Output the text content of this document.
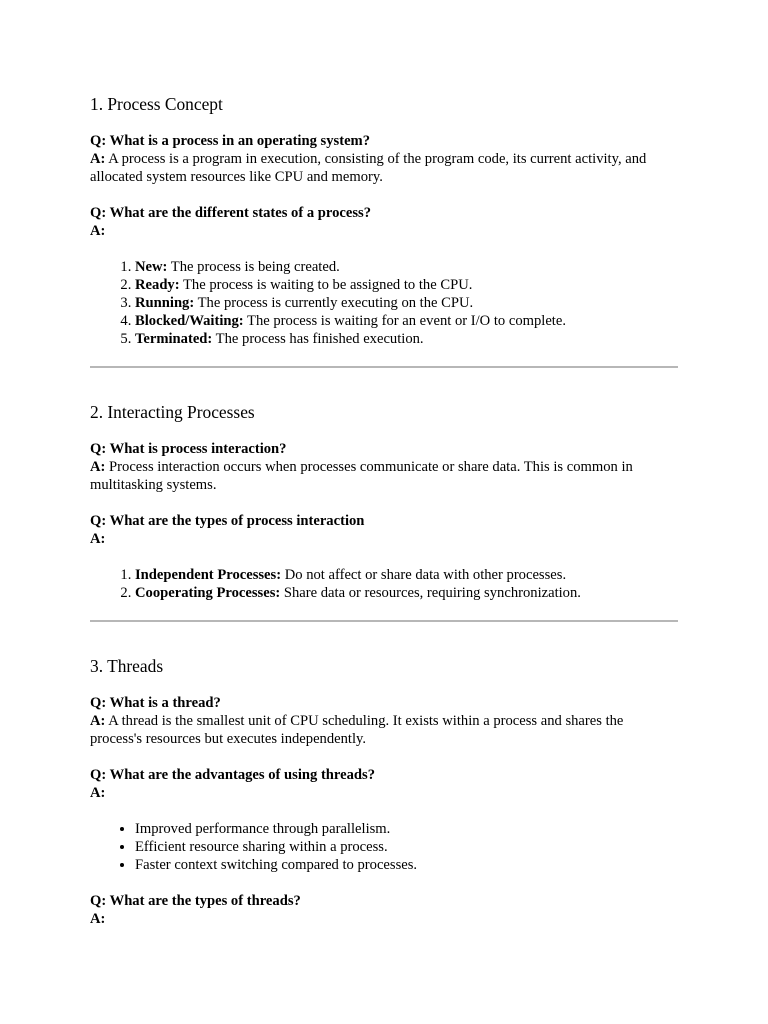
1. Process Concept

Q: What is a process in an operating system?

A: A process is a program in execution, consisting of the program code, its current activity, and allocated system resources like CPU and memory.

Q: What are the different states of a process?

A:

1. New: The process is being created.
2. Ready: The process is waiting to be assigned to the CPU.
3. Running: The process is currently executing on the CPU.
4. Blocked/Waiting: The process is waiting for an event or I/O to complete.
5. Terminated: The process has finished execution.
2. Interacting Processes

Q: What is process interaction?

A: Process interaction occurs when processes communicate or share data. This is common in multitasking systems.

Q: What are the types of process interaction

A:

1. Independent Processes: Do not affect or share data with other processes.
2. Cooperating Processes: Share data or resources, requiring synchronization.
3. Threads

Q: What is a thread?

A: A thread is the smallest unit of CPU scheduling. It exists within a process and shares the process's resources but executes independently.

Q: What are the advantages of using threads?

A:

• Improved performance through parallelism.
• Efficient resource sharing within a process.
• Faster context switching compared to processes.

Q: What are the types of threads?

A:
